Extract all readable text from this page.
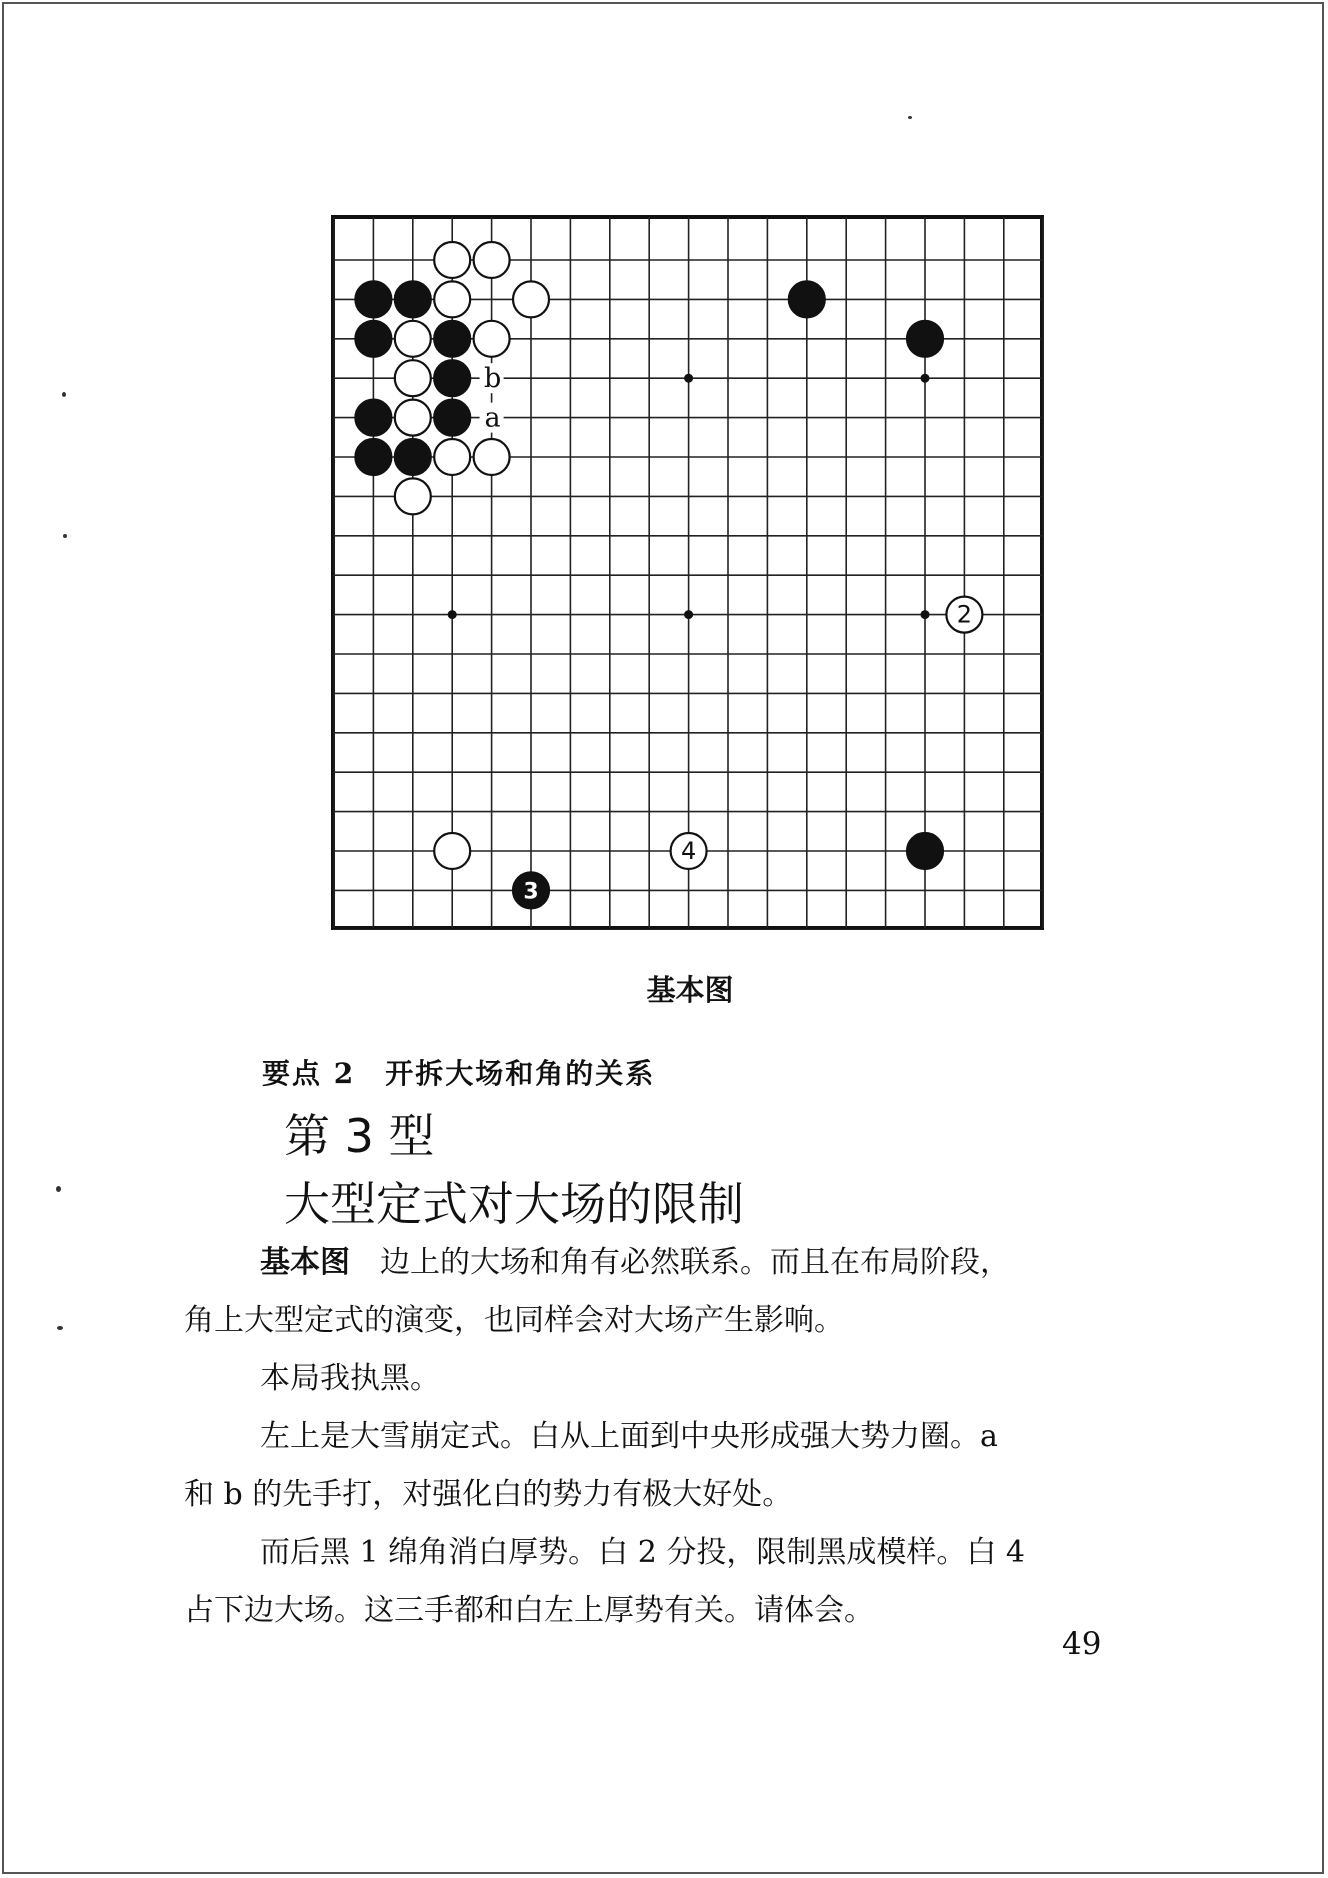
b
a
2
4
3
基本图
要点 2　开拆大场和角的关系
第 3 型
大型定式对大场的限制

基本图　边上的大场和角有必然联系。而且在布局阶段，

角上大型定式的演变，也同样会对大场产生影响。

本局我执黑。

左上是大雪崩定式。白从上面到中央形成强大势力圈。a

和 b 的先手打，对强化白的势力有极大好处。

而后黑 1 绵角消白厚势。白 2 分投，限制黑成模样。白 4

占下边大场。这三手都和白左上厚势有关。请体会。

49
